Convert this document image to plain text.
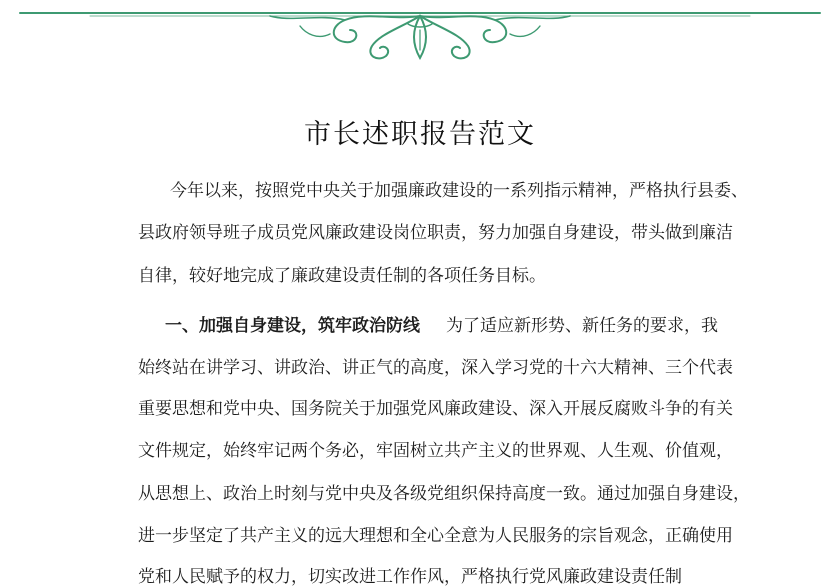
市长述职报告范文
今年以来，按照党中央关于加强廉政建设的一系列指示精神，严格执行县委、
县政府领导班子成员党风廉政建设岗位职责，努力加强自身建设，带头做到廉洁
自律，较好地完成了廉政建设责任制的各项任务目标。
一、加强自身建设，筑牢政治防线 为了适应新形势、新任务的要求，我
始终站在讲学习、讲政治、讲正气的高度，深入学习党的十六大精神、三个代表
重要思想和党中央、国务院关于加强党风廉政建设、深入开展反腐败斗争的有关
文件规定，始终牢记两个务必，牢固树立共产主义的世界观、人生观、价值观，
从思想上、政治上时刻与党中央及各级党组织保持高度一致。通过加强自身建设，
进一步坚定了共产主义的远大理想和全心全意为人民服务的宗旨观念，正确使用
党和人民赋予的权力，切实改进工作作风，严格执行党风廉政建设责任制
